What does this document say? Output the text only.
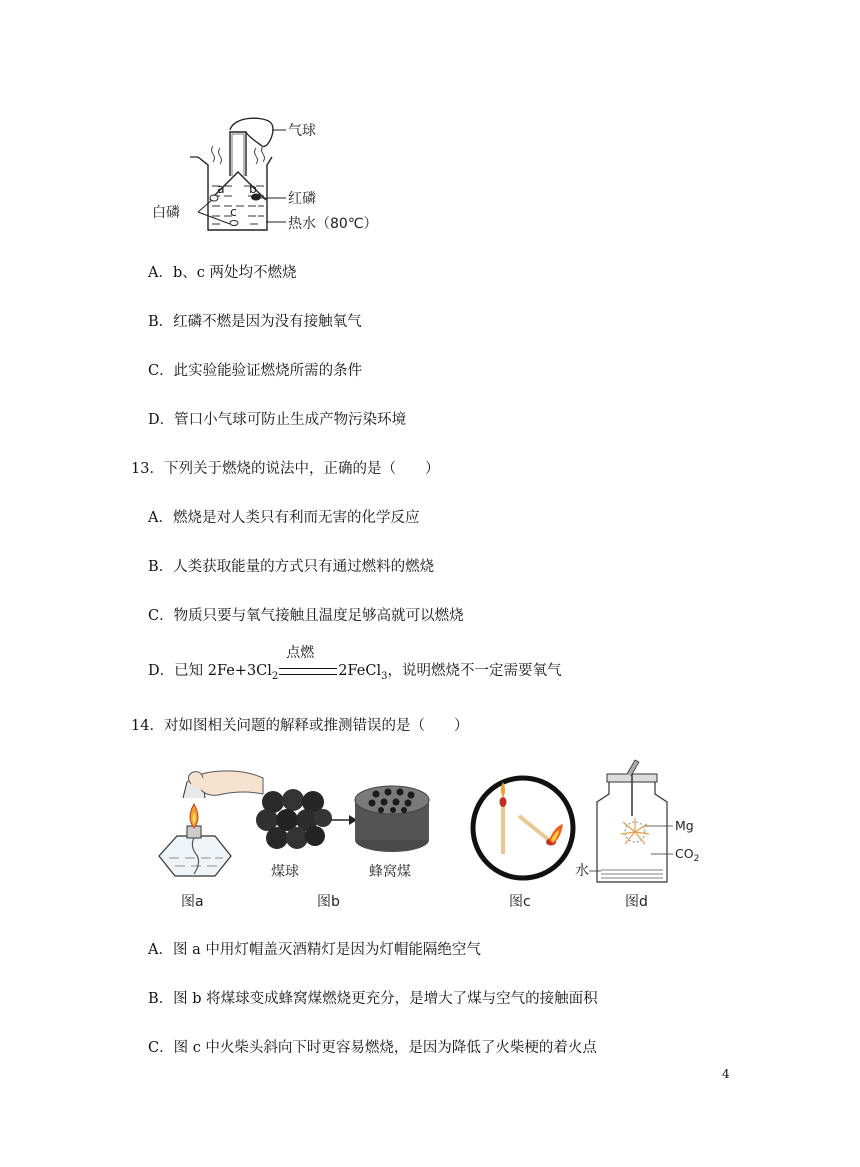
a b
c
气球
红磷
白磷
热水（80℃）
A．b、c 两处均不燃烧
B．红磷不燃是因为没有接触氧气
C．此实验能验证燃烧所需的条件
D．管口小气球可防止生成产物污染环境
13．下列关于燃烧的说法中，正确的是（　　）
A．燃烧是对人类只有利而无害的化学反应
B．人类获取能量的方式只有通过燃料的燃烧
C．物质只要与氧气接触且温度足够高就可以燃烧
D．已知 $2Fe+3Cl_2$
点燃
2FeCl$_3$，说明燃烧不一定需要氧气
14．对如图相关问题的解释或推测错误的是（　　）
煤球	蜂窝煤
Mg
$CO_2$
水
图a	图b	图c	图d
A．图 a 中用灯帽盖灭酒精灯是因为灯帽能隔绝空气
B．图 b 将煤球变成蜂窝煤燃烧更充分，是增大了煤与空气的接触面积
C．图 c 中火柴头斜向下时更容易燃烧，是因为降低了火柴梗的着火点
4
